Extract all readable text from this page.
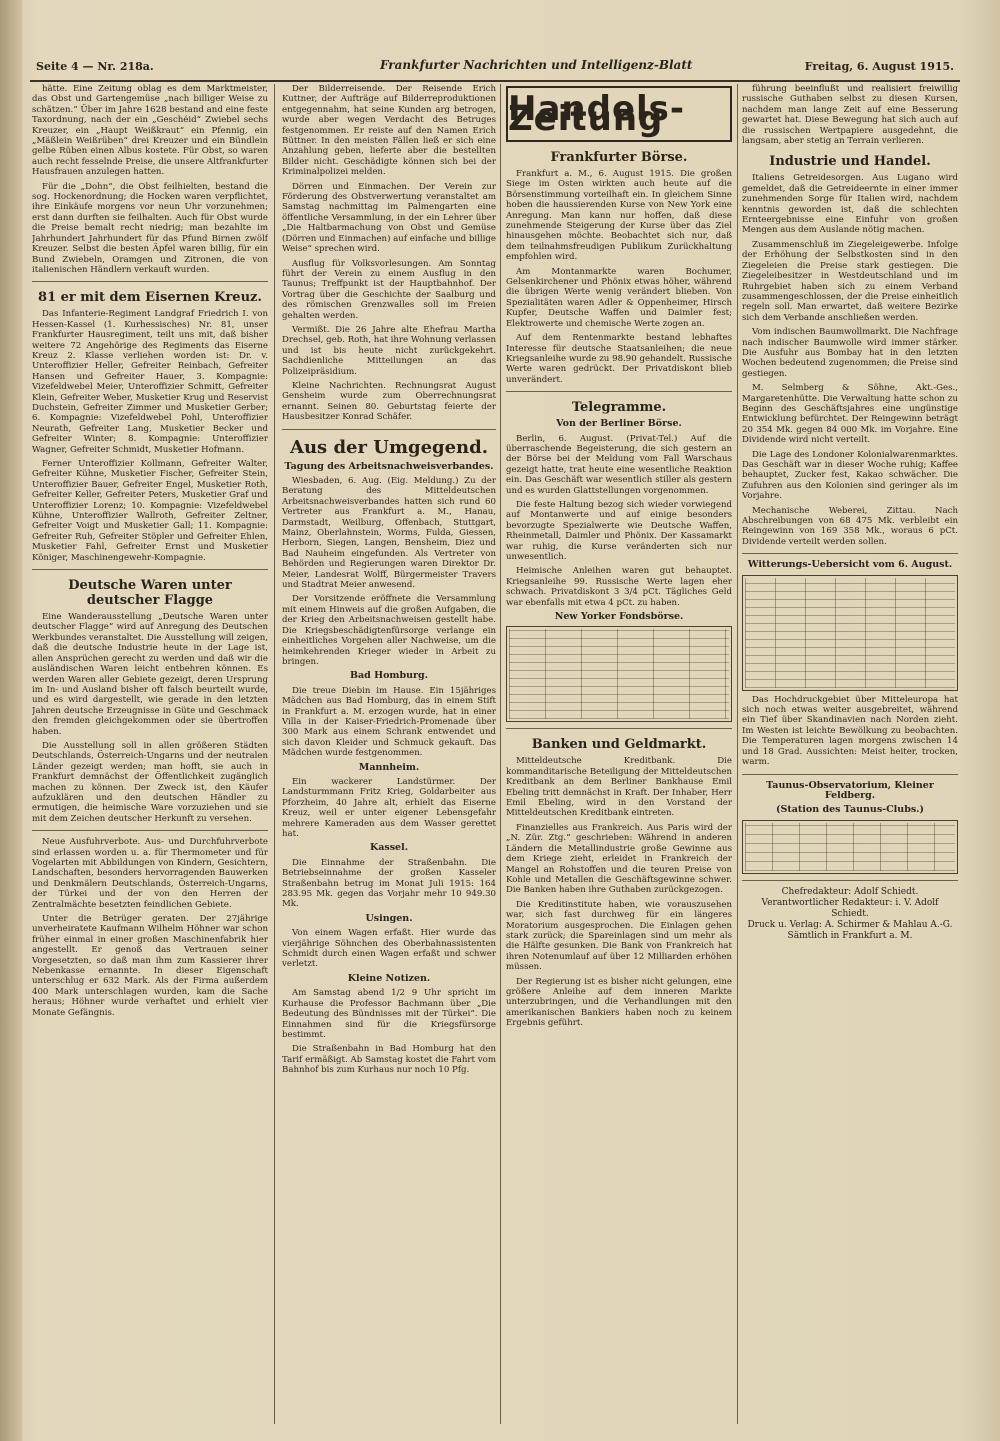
Seite 4 — Nr. 218a.	Frankfurter Nachrichten und Intelligenz-Blatt	Freitag, 6. August 1915.

hätte. Eine Zeitung oblag es dem Marktmeister, das Obst und Gartengemüse „nach billiger Weise zu schätzen.“ Über im Jahre 1628 bestand and eine feste Taxordnung, nach der ein „Geschéid“ Zwiebel sechs Kreuzer, ein „Haupt Weißkraut“ ein Pfennig, ein „Mäßlein Weißrüben“ drei Kreuzer und ein Bündlein gelbe Rüben einen Albus kostete. Für Obst, so waren auch recht fesselnde Preise, die unsere Altfrankfurter Hausfrauen anzulegen hatten.

Für die „Dohn“, die Obst feilhielten, bestand die sog. Hockenordnung; die Hocken waren verpflichtet, ihre Einkäufe morgens vor neun Uhr vorzunehmen; erst dann durften sie feilhalten. Auch für Obst wurde die Preise bemalt recht niedrig; man bezahlte im Jahrhundert Jahrhundert für das Pfund Birnen zwölf Kreuzer. Selbst die besten Äpfel waren billig, für ein Bund Zwiebeln, Oramgen und Zitronen, die von italienischen Händlern verkauft wurden.

81 er mit dem Eisernen Kreuz.

Das Infanterie-Regiment Landgraf Friedrich I. von Hessen-Kassel (1. Kurhessisches) Nr. 81, unser Frankfurter Hausregiment, teilt uns mit, daß bisher weitere 72 Angehörige des Regiments das Eiserne Kreuz 2. Klasse verliehen worden ist: Dr. v. Unteroffizier Heller, Gefreiter Reinbach, Gefreiter Hansen und Gefreiter Hauer, 3. Kompagnie: Vizefeldwebel Meier, Unteroffizier Schmitt, Gefreiter Klein, Gefreiter Weber, Musketier Krug und Reservist Duchstein, Gefreiter Zimmer und Musketier Gerber; 6. Kompagnie: Vizefeldwebel Pohl, Unteroffizier Neurath, Gefreiter Lang, Musketier Becker und Gefreiter Winter; 8. Kompagnie: Unteroffizier Wagner, Gefreiter Schmidt, Musketier Hofmann.

Ferner Unteroffizier Kollmann, Gefreiter Walter, Gefreiter Kühne, Musketier Fischer, Gefreiter Stein, Unteroffizier Bauer, Gefreiter Engel, Musketier Roth, Gefreiter Keller, Gefreiter Peters, Musketier Graf und Unteroffizier Lorenz; 10. Kompagnie: Vizefeldwebel Kühne, Unteroffizier Wallroth, Gefreiter Zeltner, Gefreiter Voigt und Musketier Gall; 11. Kompagnie: Gefreiter Ruh, Gefreiter Stöpler und Gefreiter Ehlen, Musketier Fahl, Gefreiter Ernst und Musketier Königer, Maschinengewehr-Kompagnie.

Deutsche Waren unter deutscher Flagge

Eine Wanderausstellung „Deutsche Waren unter deutscher Flagge“ wird auf Anregung des Deutschen Werkbundes veranstaltet. Die Ausstellung will zeigen, daß die deutsche Industrie heute in der Lage ist, allen Ansprüchen gerecht zu werden und daß wir die ausländischen Waren leicht entbehren können. Es werden Waren aller Gebiete gezeigt, deren Ursprung im In- und Ausland bisher oft falsch beurteilt wurde, und es wird dargestellt, wie gerade in den letzten Jahren deutsche Erzeugnisse in Güte und Geschmack den fremden gleichgekommen oder sie übertroffen haben.

Die Ausstellung soll in allen größeren Städten Deutschlands, Österreich-Ungarns und der neutralen Länder gezeigt werden; man hofft, sie auch in Frankfurt demnächst der Öffentlichkeit zugänglich machen zu können. Der Zweck ist, den Käufer aufzuklären und den deutschen Händler zu ermutigen, die heimische Ware vorzuziehen und sie mit dem Zeichen deutscher Herkunft zu versehen.

Neue Ausfuhrverbote. Aus- und Durchfuhrverbote sind erlassen worden u. a. für Thermometer und für Vogelarten mit Abbildungen von Kindern, Gesichtern, Landschaften, besonders hervorragenden Bauwerken und Denkmälern Deutschlands, Österreich-Ungarns, der Türkei und der von den Herren der Zentralmächte besetzten feindlichen Gebiete.

Unter die Betrüger geraten. Der 27jährige unverheiratete Kaufmann Wilhelm Höhner war schon früher einmal in einer großen Maschinenfabrik hier angestellt. Er genoß das Vertrauen seiner Vorgesetzten, so daß man ihm zum Kassierer ihrer Nebenkasse ernannte. In dieser Eigenschaft unterschlug er 632 Mark. Als der Firma außerdem 400 Mark unterschlagen wurden, kam die Sache heraus; Höhner wurde verhaftet und erhielt vier Monate Gefängnis.

Der Bilderreisende. Der Reisende Erich Kuttner, der Aufträge auf Bilderreproduktionen entgegennahm, hat seine Kunden arg betrogen, wurde aber wegen Verdacht des Betruges festgenommen. Er reiste auf den Namen Erich Büttner. In den meisten Fällen ließ er sich eine Anzahlung geben, lieferte aber die bestellten Bilder nicht. Geschädigte können sich bei der Kriminalpolizei melden.

Dörren und Einmachen. Der Verein zur Förderung des Obstverwertung veranstaltet am Samstag nachmittag im Palmengarten eine öffentliche Versammlung, in der ein Lehrer über „Die Haltbarmachung von Obst und Gemüse (Dörren und Einmachen) auf einfache und billige Weise“ sprechen wird.

Ausflug für Volksvorlesungen. Am Sonntag führt der Verein zu einem Ausflug in den Taunus; Treffpunkt ist der Hauptbahnhof. Der Vortrag über die Geschichte der Saalburg und des römischen Grenzwalles soll im Freien gehalten werden.

Vermißt. Die 26 Jahre alte Ehefrau Martha Drechsel, geb. Roth, hat ihre Wohnung verlassen und ist bis heute nicht zurückgekehrt. Sachdienliche Mitteilungen an das Polizeipräsidium.

Kleine Nachrichten. Rechnungsrat August Gensheim wurde zum Oberrechnungsrat ernannt. Seinen 80. Geburtstag feierte der Hausbesitzer Konrad Schäfer.

Aus der Umgegend.
Tagung des Arbeitsnachweisverbandes.

Wiesbaden, 6. Aug. (Eig. Meldung.) Zu der Beratung des Mitteldeutschen Arbeitsnachweisverbandes hatten sich rund 60 Vertreter aus Frankfurt a. M., Hanau, Darmstadt, Weilburg, Offenbach, Stuttgart, Mainz, Oberlahnstein, Worms, Fulda, Giessen, Herborn, Siegen, Langen, Bensheim, Diez und Bad Nauheim eingefunden. Als Vertreter von Behörden und Regierungen waren Direktor Dr. Meier, Landesrat Wolff, Bürgermeister Travers und Stadtrat Meier anwesend.

Der Vorsitzende eröffnete die Versammlung mit einem Hinweis auf die großen Aufgaben, die der Krieg den Arbeitsnachweisen gestellt habe. Die Kriegsbeschädigtenfürsorge verlange ein einheitliches Vorgehen aller Nachweise, um die heimkehrenden Krieger wieder in Arbeit zu bringen.

Bad Homburg.

Die treue Diebin im Hause. Ein 15jähriges Mädchen aus Bad Homburg, das in einem Stift in Frankfurt a. M. erzogen wurde, hat in einer Villa in der Kaiser-Friedrich-Promenade über 300 Mark aus einem Schrank entwendet und sich davon Kleider und Schmuck gekauft. Das Mädchen wurde festgenommen.

Mannheim.

Ein wackerer Landstürmer. Der Landsturmmann Fritz Krieg, Goldarbeiter aus Pforzheim, 40 Jahre alt, erhielt das Eiserne Kreuz, weil er unter eigener Lebensgefahr mehrere Kameraden aus dem Wasser gerettet hat.

Kassel.

Die Einnahme der Straßenbahn. Die Betriebseinnahme der großen Kasseler Straßenbahn betrug im Monat Juli 1915: 164 283.95 Mk. gegen das Vorjahr mehr 10 949.30 Mk.

Usingen.

Von einem Wagen erfaßt. Hier wurde das vierjährige Söhnchen des Oberbahnassistenten Schmidt durch einen Wagen erfaßt und schwer verletzt.

Kleine Notizen.

Am Samstag abend 1/2 9 Uhr spricht im Kurhause die Professor Bachmann über „Die Bedeutung des Bündnisses mit der Türkei“. Die Einnahmen sind für die Kriegsfürsorge bestimmt.

Die Straßenbahn in Bad Homburg hat den Tarif ermäßigt. Ab Samstag kostet die Fahrt vom Bahnhof bis zum Kurhaus nur noch 10 Pfg.

Handels-Zeitung
Frankfurter Börse.

Frankfurt a. M., 6. August 1915. Die großen Siege im Osten wirkten auch heute auf die Börsenstimmung vorteilhaft ein. In gleichem Sinne hoben die haussierenden Kurse von New York eine Anregung. Man kann nur hoffen, daß diese zunehmende Steigerung der Kurse über das Ziel hinausgehen möchte. Beobachtet sich nur, daß dem teilnahmsfreudigen Publikum Zurückhaltung empfohlen wird.

Am Montanmarkte waren Bochumer, Gelsenkirchener und Phönix etwas höher, während die übrigen Werte wenig verändert blieben. Von Spezialitäten waren Adler & Oppenheimer, Hirsch Kupfer, Deutsche Waffen und Daimler fest; Elektrowerte und chemische Werte zogen an.

Auf dem Rentenmarkte bestand lebhaftes Interesse für deutsche Staatsanleihen; die neue Kriegsanleihe wurde zu 98.90 gehandelt. Russische Werte waren gedrückt. Der Privatdiskont blieb unverändert.

Telegramme.
Von der Berliner Börse.

Berlin, 6. August. (Privat-Tel.) Auf die überraschende Begeisterung, die sich gestern an der Börse bei der Meldung vom Fall Warschaus gezeigt hatte, trat heute eine wesentliche Reaktion ein. Das Geschäft war wesentlich stiller als gestern und es wurden Glattstellungen vorgenommen.

Die feste Haltung bezog sich wieder vorwiegend auf Montanwerte und auf einige besonders bevorzugte Spezialwerte wie Deutsche Waffen, Rheinmetall, Daimler und Phönix. Der Kassamarkt war ruhig, die Kurse veränderten sich nur unwesentlich.

Heimische Anleihen waren gut behauptet. Kriegsanleihe 99. Russische Werte lagen eher schwach. Privatdiskont 3 3/4 pCt. Tägliches Geld war ebenfalls mit etwa 4 pCt. zu haben.

New Yorker Fondsbörse.
Banken und Geldmarkt.

Mitteldeutsche Kreditbank. Die kommanditarische Beteiligung der Mitteldeutschen Kreditbank an dem Berliner Bankhause Emil Ebeling tritt demnächst in Kraft. Der Inhaber, Herr Emil Ebeling, wird in den Vorstand der Mitteldeutschen Kreditbank eintreten.

Finanzielles aus Frankreich. Aus Paris wird der „N. Zür. Ztg.“ geschrieben: Während in anderen Ländern die Metallindustrie große Gewinne aus dem Kriege zieht, erleidet in Frankreich der Mangel an Rohstoffen und die teuren Preise von Kohle und Metallen die Geschäftsgewinne schwer. Die Banken haben ihre Guthaben zurückgezogen.

Die Kreditinstitute haben, wie vorauszusehen war, sich fast durchweg für ein längeres Moratorium ausgesprochen. Die Einlagen gehen stark zurück; die Spareinlagen sind um mehr als die Hälfte gesunken. Die Bank von Frankreich hat ihren Notenumlauf auf über 12 Milliarden erhöhen müssen.

Der Regierung ist es bisher nicht gelungen, eine größere Anleihe auf dem inneren Markte unterzubringen, und die Verhandlungen mit den amerikanischen Bankiers haben noch zu keinem Ergebnis geführt.

führung beeinflußt und realisiert freiwillig russische Guthaben selbst zu diesen Kursen, nachdem man lange Zeit auf eine Besserung gewartet hat. Diese Bewegung hat sich auch auf die russischen Wertpapiere ausgedehnt, die langsam, aber stetig an Terrain verlieren.

Industrie und Handel.

Italiens Getreidesorgen. Aus Lugano wird gemeldet, daß die Getreideernte in einer immer zunehmenden Sorge für Italien wird, nachdem kenntnis geworden ist, daß die schlechten Ernteergebnisse eine Einfuhr von großen Mengen aus dem Auslande nötig machen.

Zusammenschluß im Ziegeleigewerbe. Infolge der Erhöhung der Selbstkosten sind in den Ziegeleien die Preise stark gestiegen. Die Ziegeleibesitzer in Westdeutschland und im Ruhrgebiet haben sich zu einem Verband zusammengeschlossen, der die Preise einheitlich regeln soll. Man erwartet, daß weitere Bezirke sich dem Verbande anschließen werden.

Vom indischen Baumwollmarkt. Die Nachfrage nach indischer Baumwolle wird immer stärker. Die Ausfuhr aus Bombay hat in den letzten Wochen bedeutend zugenommen; die Preise sind gestiegen.

M. Selmberg & Söhne, Akt.-Ges., Margaretenhütte. Die Verwaltung hatte schon zu Beginn des Geschäftsjahres eine ungünstige Entwicklung befürchtet. Der Reingewinn beträgt 20 354 Mk. gegen 84 000 Mk. im Vorjahre. Eine Dividende wird nicht verteilt.

Die Lage des Londoner Kolonialwarenmarktes. Das Geschäft war in dieser Woche ruhig; Kaffee behauptet, Zucker fest, Kakao schwächer. Die Zufuhren aus den Kolonien sind geringer als im Vorjahre.

Mechanische Weberei, Zittau. Nach Abschreibungen von 68 475 Mk. verbleibt ein Reingewinn von 169 358 Mk., woraus 6 pCt. Dividende verteilt werden sollen.

Witterungs-Uebersicht vom 6. August.

Das Hochdruckgebiet über Mitteleuropa hat sich noch etwas weiter ausgebreitet, während ein Tief über Skandinavien nach Norden zieht. Im Westen ist leichte Bewölkung zu beobachten. Die Temperaturen lagen morgens zwischen 14 und 18 Grad. Aussichten: Meist heiter, trocken, warm.

Taunus-Observatorium, Kleiner Feldberg.
(Station des Taunus-Clubs.)
Chefredakteur: Adolf Schiedt.
Verantwortlicher Redakteur: i. V. Adolf Schiedt.
Druck u. Verlag: A. Schirmer & Mahlau A.-G. Sämtlich in Frankfurt a. M.
